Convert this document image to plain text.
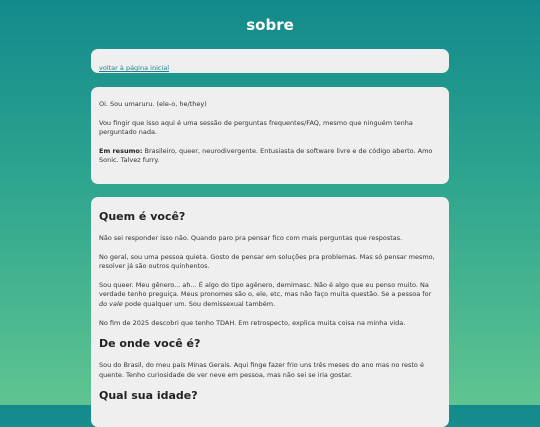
sobre
voltar à página inicial

Oi. Sou umaruru. (ele-o, he/they)

Vou fingir que isso aqui é uma sessão de perguntas frequentes/FAQ, mesmo que ninguém tenha perguntado nada.

Em resumo: Brasileiro, queer, neurodivergente. Entusiasta de software livre e de código aberto. Amo Sonic. Talvez furry.

Quem é você?

Não sei responder isso não. Quando paro pra pensar fico com mais perguntas que respostas.

No geral, sou uma pessoa quieta. Gosto de pensar em soluções pra problemas. Mas só pensar mesmo, resolver já são outros quinhentos.

Sou queer. Meu gênero... ah... É algo do tipo agênero, demimasc. Não é algo que eu penso muito. Na verdade tenho preguiça. Meus pronomes são o, ele, etc, mas não faço muita questão. Se a pessoa for do vale pode qualquer um. Sou demissexual também.

No fim de 2025 descobri que tenho TDAH. Em retrospecto, explica muita coisa na minha vida.

De onde você é?

Sou do Brasil, do meu país Minas Gerais. Aqui finge fazer frio uns três meses do ano mas no resto é quente. Tenho curiosidade de ver neve em pessoa, mas não sei se iria gostar.

Qual sua idade?
